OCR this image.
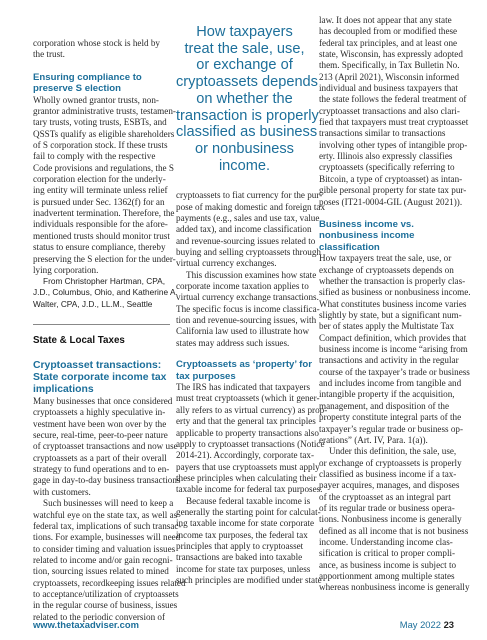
corporation whose stock is held by
the trust.
Ensuring compliance to
preserve S election
Wholly owned grantor trusts, non-
grantor administrative trusts, testamen-
tary trusts, voting trusts, ESBTs, and
QSSTs qualify as eligible shareholders
of S corporation stock. If these trusts
fail to comply with the respective
Code provisions and regulations, the S
corporation election for the underly-
ing entity will terminate unless relief
is pursued under Sec. 1362(f) for an
inadvertent termination. Therefore, the
individuals responsible for the afore-
mentioned trusts should monitor trust
status to ensure compliance, thereby
preserving the S election for the under-
lying corporation.
From Christopher Hartman, CPA,
J.D., Columbus, Ohio, and Katherine A.
Walter, CPA, J.D., LL.M., Seattle
State & Local Taxes
Cryptoasset transactions:
State corporate income tax
implications
Many businesses that once considered
cryptoassets a highly speculative in-
vestment have been won over by the
secure, real-time, peer-to-peer nature
of cryptoasset transactions and now use
cryptoassets as a part of their overall
strategy to fund operations and to en-
gage in day-to-day business transactions
with customers.
Such businesses will need to keep a
watchful eye on the state tax, as well as
federal tax, implications of such transac-
tions. For example, businesses will need
to consider timing and valuation issues
related to income and/or gain recogni-
tion, sourcing issues related to mined
cryptoassets, recordkeeping issues related
to acceptance/utilization of cryptoassets
in the regular course of business, issues
related to the periodic conversion of
How taxpayers
treat the sale, use,
or exchange of
cryptoassets depends
on whether the
transaction is properly
classified as business
or nonbusiness
income.
cryptoassets to fiat currency for the pur-
pose of making domestic and foreign tax
payments (e.g., sales and use tax, value
added tax), and income classification
and revenue-sourcing issues related to
buying and selling cryptoassets through
virtual currency exchanges.
This discussion examines how state
corporate income taxation applies to
virtual currency exchange transactions.
The specific focus is income classifica-
tion and revenue-sourcing issues, with
California law used to illustrate how
states may address such issues.
Cryptoassets as ‘property’ for
tax purposes
The IRS has indicated that taxpayers
must treat cryptoassets (which it gener-
ally refers to as virtual currency) as prop-
erty and that the general tax principles
applicable to property transactions also
apply to cryptoasset transactions (Notice
2014-21). Accordingly, corporate tax-
payers that use cryptoassets must apply
these principles when calculating their
taxable income for federal tax purposes.
Because federal taxable income is
generally the starting point for calculat-
ing taxable income for state corporate
income tax purposes, the federal tax
principles that apply to cryptoasset
transactions are baked into taxable
income for state tax purposes, unless
such principles are modified under state
law. It does not appear that any state
has decoupled from or modified these
federal tax principles, and at least one
state, Wisconsin, has expressly adopted
them. Specifically, in Tax Bulletin No.
213 (April 2021), Wisconsin informed
individual and business taxpayers that
the state follows the federal treatment of
cryptoasset transactions and also clari-
fied that taxpayers must treat cryptoasset
transactions similar to transactions
involving other types of intangible prop-
erty. Illinois also expressly classifies
cryptoassets (specifically referring to
Bitcoin, a type of cryptoasset) as intan-
gible personal property for state tax pur-
poses (IT21-0004-GIL (August 2021)).
Business income vs.
nonbusiness income
classification
How taxpayers treat the sale, use, or
exchange of cryptoassets depends on
whether the transaction is properly clas-
sified as business or nonbusiness income.
What constitutes business income varies
slightly by state, but a significant num-
ber of states apply the Multistate Tax
Compact definition, which provides that
business income is income “arising from
transactions and activity in the regular
course of the taxpayer’s trade or business
and includes income from tangible and
intangible property if the acquisition,
management, and disposition of the
property constitute integral parts of the
taxpayer’s regular trade or business op-
erations” (Art. IV, Para. 1(a)).
Under this definition, the sale, use,
or exchange of cryptoassets is properly
classified as business income if a tax-
payer acquires, manages, and disposes
of the cryptoasset as an integral part
of its regular trade or business opera-
tions. Nonbusiness income is generally
defined as all income that is not business
income. Understanding income clas-
sification is critical to proper compli-
ance, as business income is subject to
apportionment among multiple states
whereas nonbusiness income is generally
www.thetaxadviser.com	May 2022 23
